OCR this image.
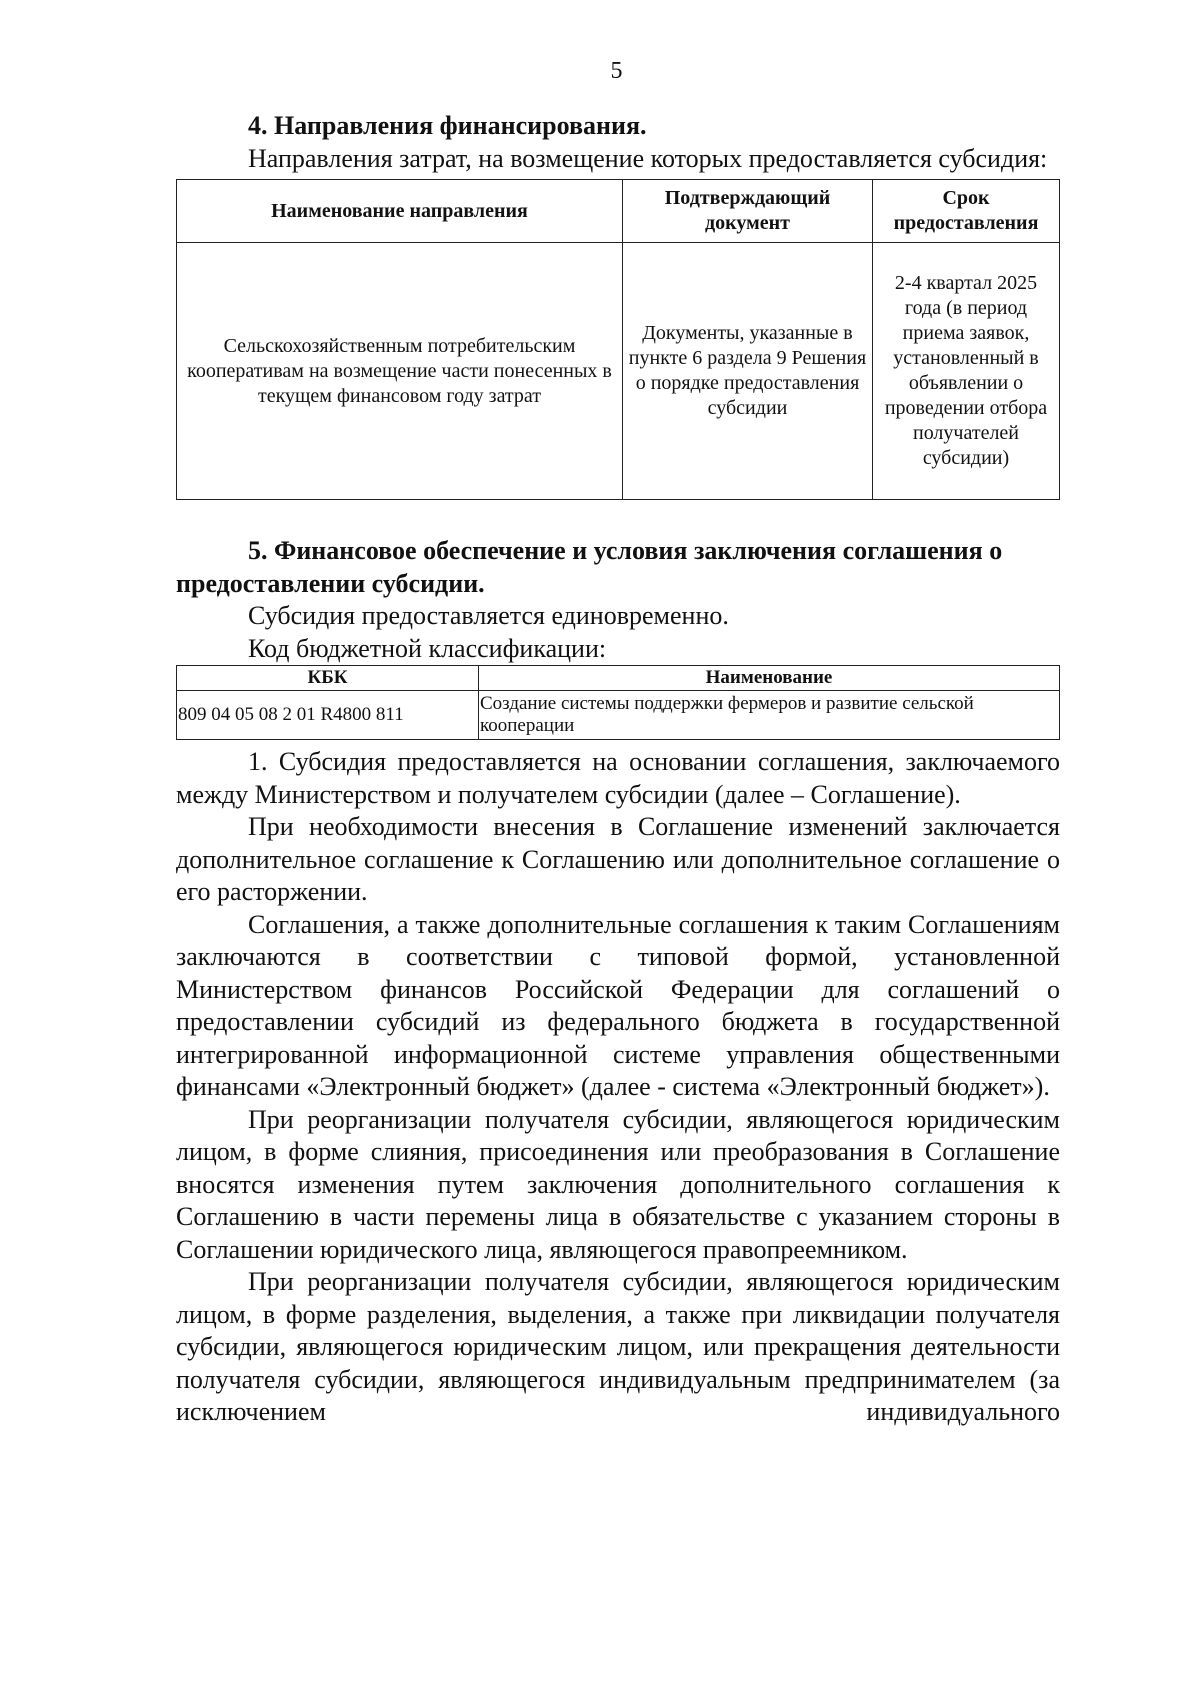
5
4. Направления финансирования.

Направления затрат, на возмещение которых предоставляется субсидия:

Наименование направления	Подтверждающий документ	Срок предоставления
Сельскохозяйственным потребительским кооперативам на возмещение части понесенных в текущем финансовом году затрат	Документы, указанные в пункте 6 раздела 9 Решения о порядке предоставления субсидии	2-4 квартал 2025 года (в период приема заявок, установленный в объявлении о проведении отбора получателей субсидии)
5. Финансовое обеспечение и условия заключения соглашения о предоставлении субсидии.

Субсидия предоставляется единовременно.

Код бюджетной классификации:

КБК	Наименование
809 04 05 08 2 01 R4800 811	Создание системы поддержки фермеров и развитие сельской кооперации

1. Субсидия предоставляется на основании соглашения, заключаемого между Министерством и получателем субсидии (далее – Соглашение).

При необходимости внесения в Соглашение изменений заключается дополнительное соглашение к Соглашению или дополнительное соглашение о его расторжении.

Соглашения, а также дополнительные соглашения к таким Соглашениям заключаются в соответствии с типовой формой, установленной Министерством финансов Российской Федерации для соглашений о предоставлении субсидий из федерального бюджета в государственной интегрированной информационной системе управления общественными финансами «Электронный бюджет» (далее - система «Электронный бюджет»).

При реорганизации получателя субсидии, являющегося юридическим лицом, в форме слияния, присоединения или преобразования в Соглашение вносятся изменения путем заключения дополнительного соглашения к Соглашению в части перемены лица в обязательстве с указанием стороны в Соглашении юридического лица, являющегося правопреемником.

При реорганизации получателя субсидии, являющегося юридическим лицом, в форме разделения, выделения, а также при ликвидации получателя субсидии, являющегося юридическим лицом, или прекращения деятельности получателя субсидии, являющегося индивидуальным предпринимателем (за исключением индивидуального
